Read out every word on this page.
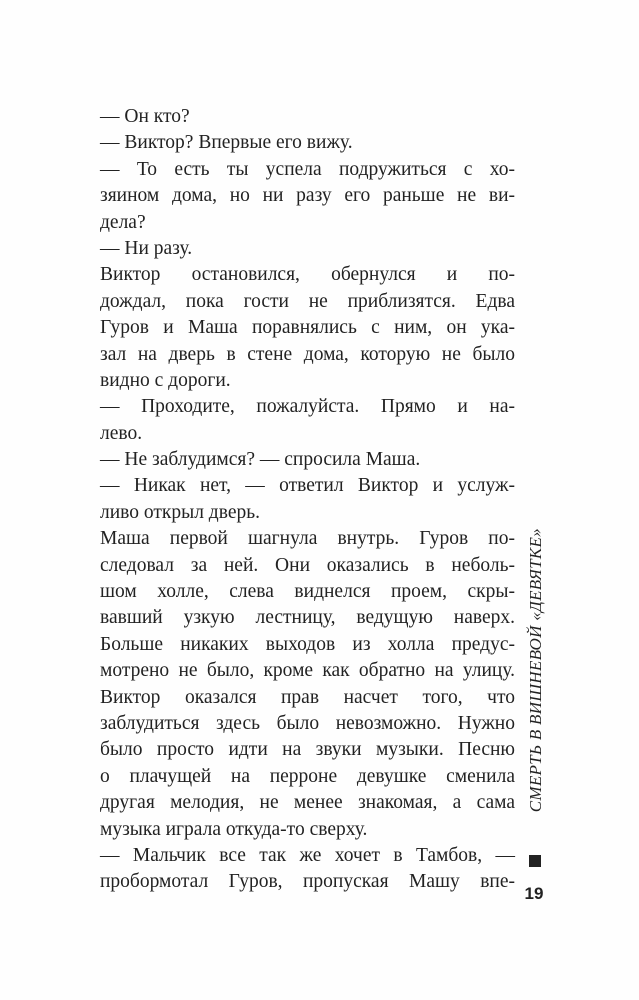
— Он кто?
— Виктор? Впервые его вижу.
— То есть ты успела подружиться с хо-
зяином дома, но ни разу его раньше не ви-
дела?
— Ни разу.
Виктор остановился, обернулся и по-
дождал, пока гости не приблизятся. Едва
Гуров и Маша поравнялись с ним, он ука-
зал на дверь в стене дома, которую не было
видно с дороги.
— Проходите, пожалуйста. Прямо и на-
лево.
— Не заблудимся? — спросила Маша.
— Никак нет, — ответил Виктор и услуж-
ливо открыл дверь.
Маша первой шагнула внутрь. Гуров по-
следовал за ней. Они оказались в неболь-
шом холле, слева виднелся проем, скры-
вавший узкую лестницу, ведущую наверх.
Больше никаких выходов из холла предус-
мотрено не было, кроме как обратно на улицу.
Виктор оказался прав насчет того, что
заблудиться здесь было невозможно. Нужно
было просто идти на звуки музыки. Песню
о плачущей на перроне девушке сменила
другая мелодия, не менее знакомая, а сама
музыка играла откуда-то сверху.
— Мальчик все так же хочет в Тамбов, —
пробормотал Гуров, пропуская Машу впе-
СМЕРТЬ В ВИШНЕВОЙ «ДЕВЯТКЕ»
19
